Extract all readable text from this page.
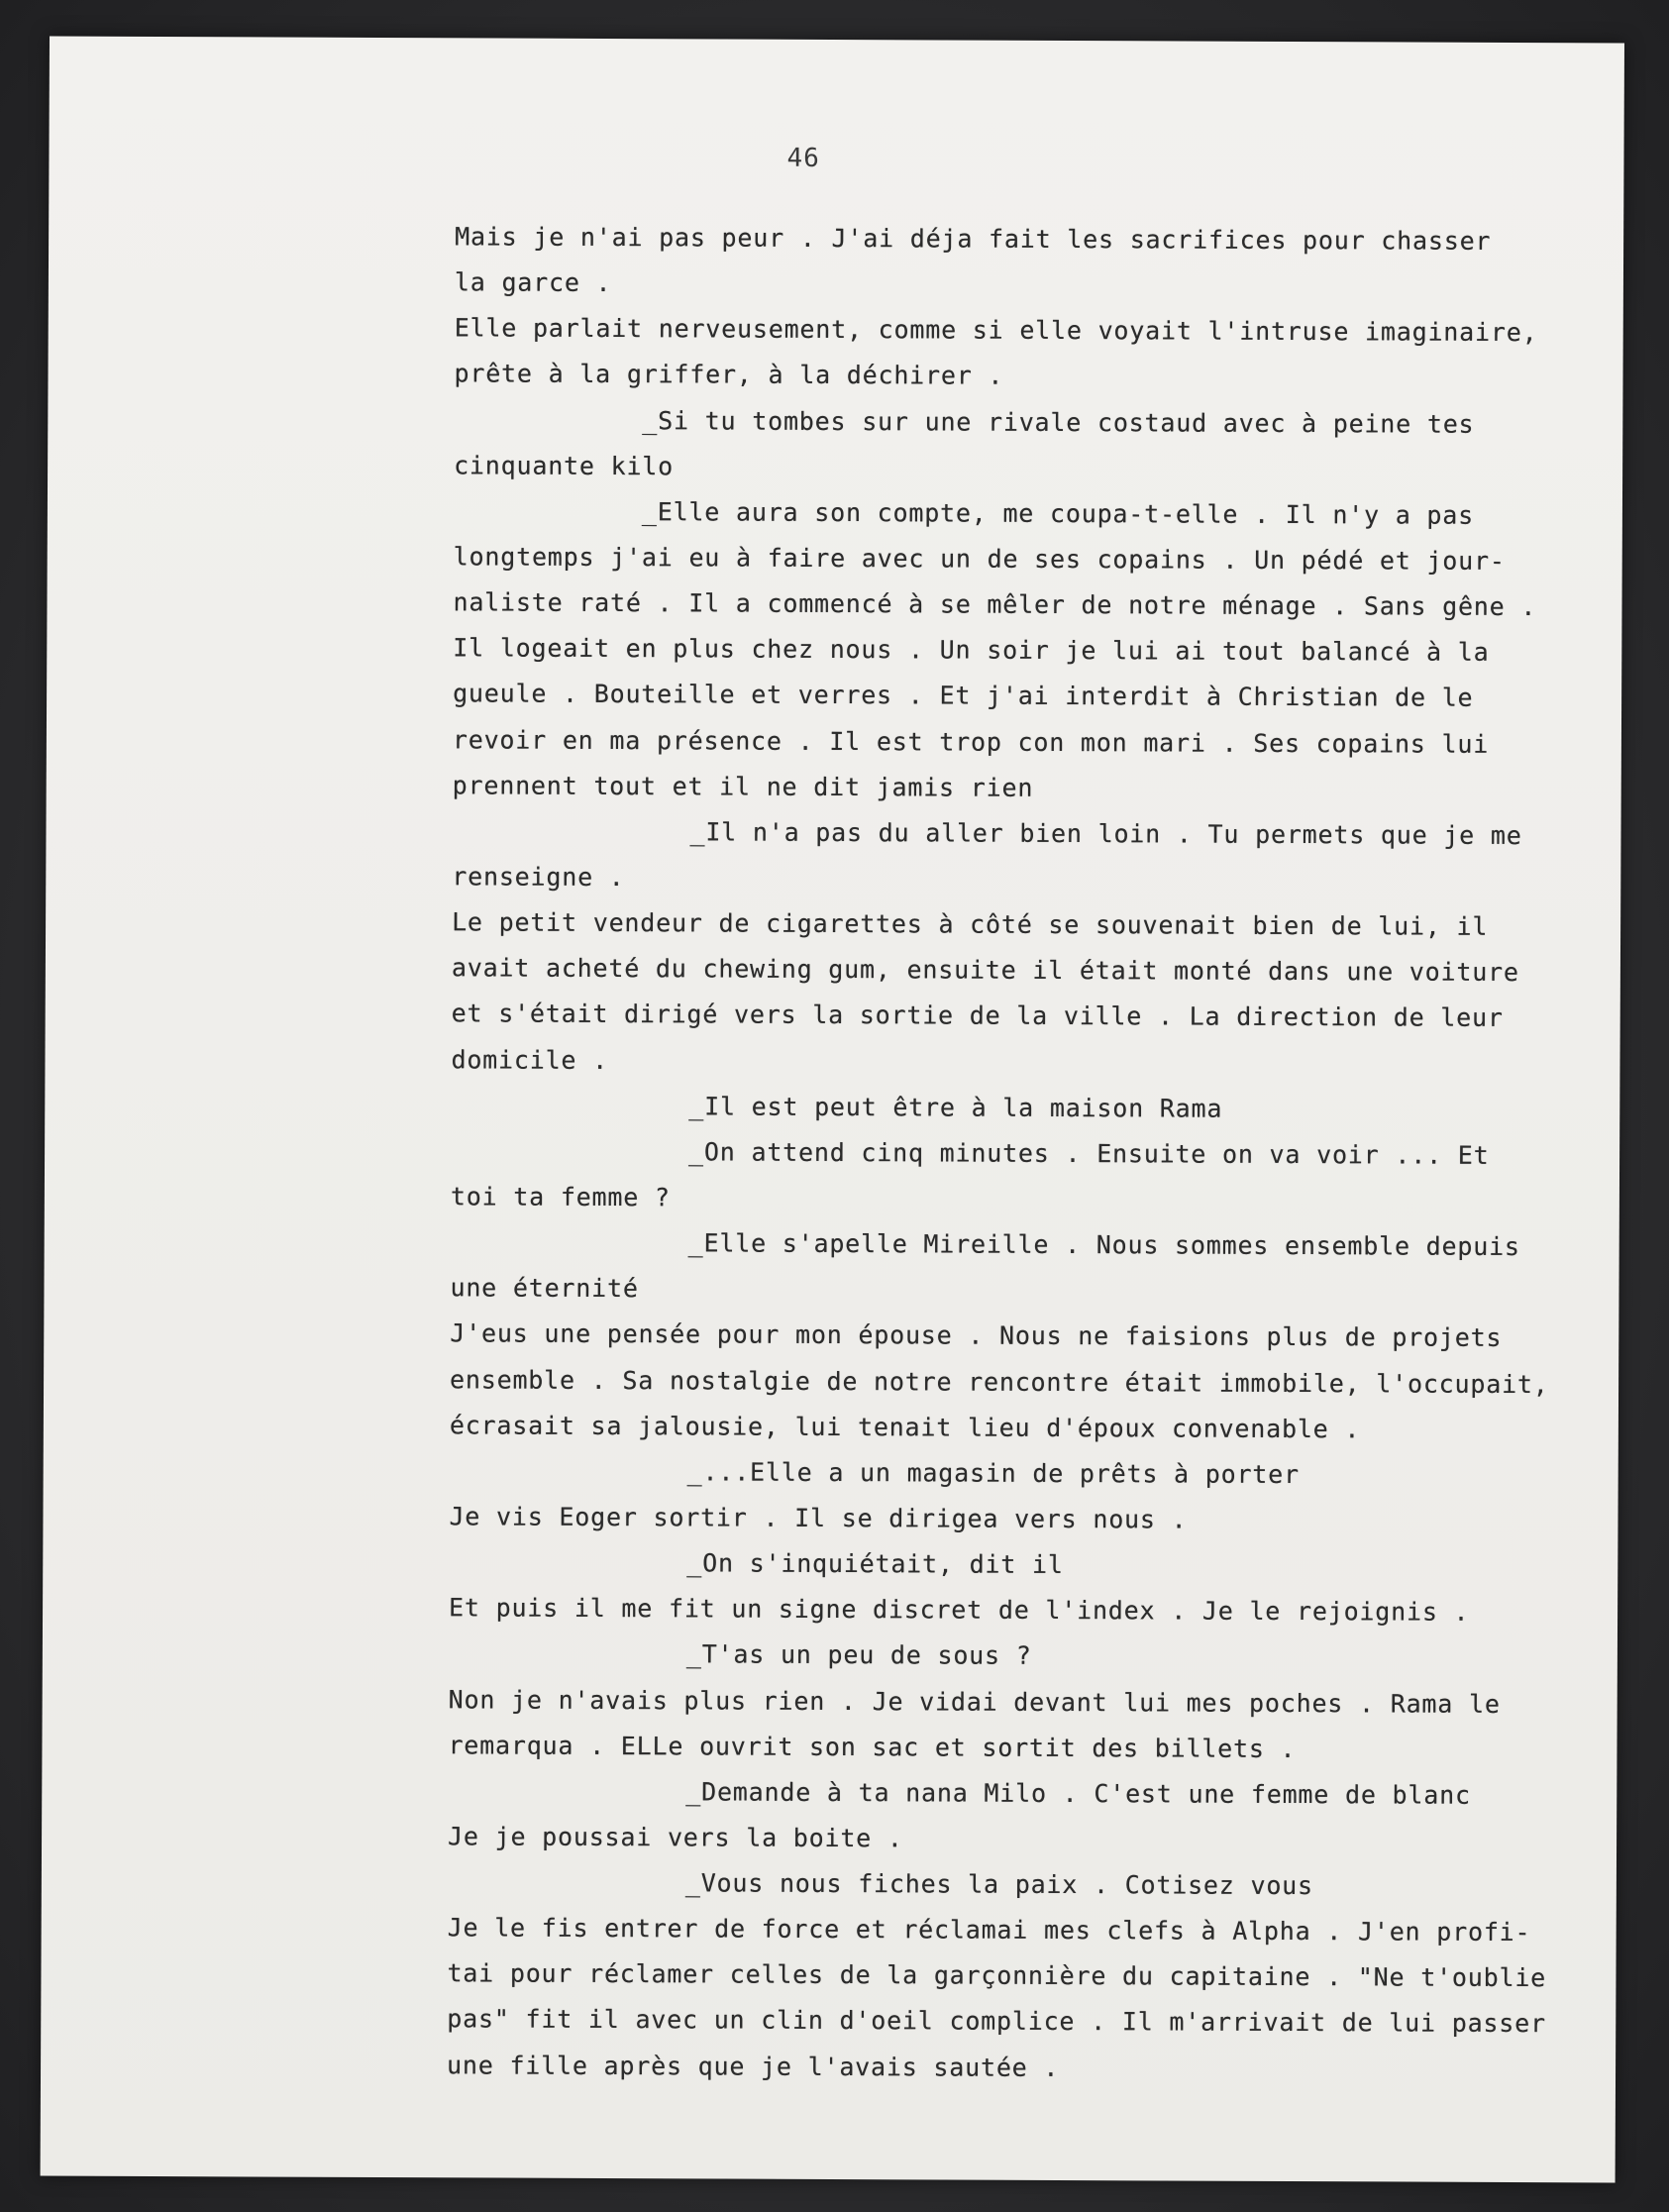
46
Mais je n'ai pas peur . J'ai déja fait les sacrifices pour chasser
la garce .
Elle parlait nerveusement, comme si elle voyait l'intruse imaginaire,
prête à la griffer, à la déchirer .
_Si tu tombes sur une rivale costaud avec à peine tes
cinquante kilo
_Elle aura son compte, me coupa-t-elle . Il n'y a pas
longtemps j'ai eu à faire avec un de ses copains . Un pédé et jour-
naliste raté . Il a commencé à se mêler de notre ménage . Sans gêne .
Il logeait en plus chez nous . Un soir je lui ai tout balancé à la
gueule . Bouteille et verres . Et j'ai interdit à Christian de le
revoir en ma présence . Il est trop con mon mari . Ses copains lui
prennent tout et il ne dit jamis rien
_Il n'a pas du aller bien loin . Tu permets que je me
renseigne .
Le petit vendeur de cigarettes à côté se souvenait bien de lui, il
avait acheté du chewing gum, ensuite il était monté dans une voiture
et s'était dirigé vers la sortie de la ville . La direction de leur
domicile .
_Il est peut être à la maison Rama
_On attend cinq minutes . Ensuite on va voir ... Et
toi ta femme ?
_Elle s'apelle Mireille . Nous sommes ensemble depuis
une éternité
J'eus une pensée pour mon épouse . Nous ne faisions plus de projets
ensemble . Sa nostalgie de notre rencontre était immobile, l'occupait,
écrasait sa jalousie, lui tenait lieu d'époux convenable .
_...Elle a un magasin de prêts à porter
Je vis Eoger sortir . Il se dirigea vers nous .
_On s'inquiétait, dit il
Et puis il me fit un signe discret de l'index . Je le rejoignis .
_T'as un peu de sous ?
Non je n'avais plus rien . Je vidai devant lui mes poches . Rama le
remarqua . ELLe ouvrit son sac et sortit des billets .
_Demande à ta nana Milo . C'est une femme de blanc
Je je poussai vers la boite .
_Vous nous fiches la paix . Cotisez vous
Je le fis entrer de force et réclamai mes clefs à Alpha . J'en profi-
tai pour réclamer celles de la garçonnière du capitaine . "Ne t'oublie
pas" fit il avec un clin d'oeil complice . Il m'arrivait de lui passer
une fille après que je l'avais sautée .
